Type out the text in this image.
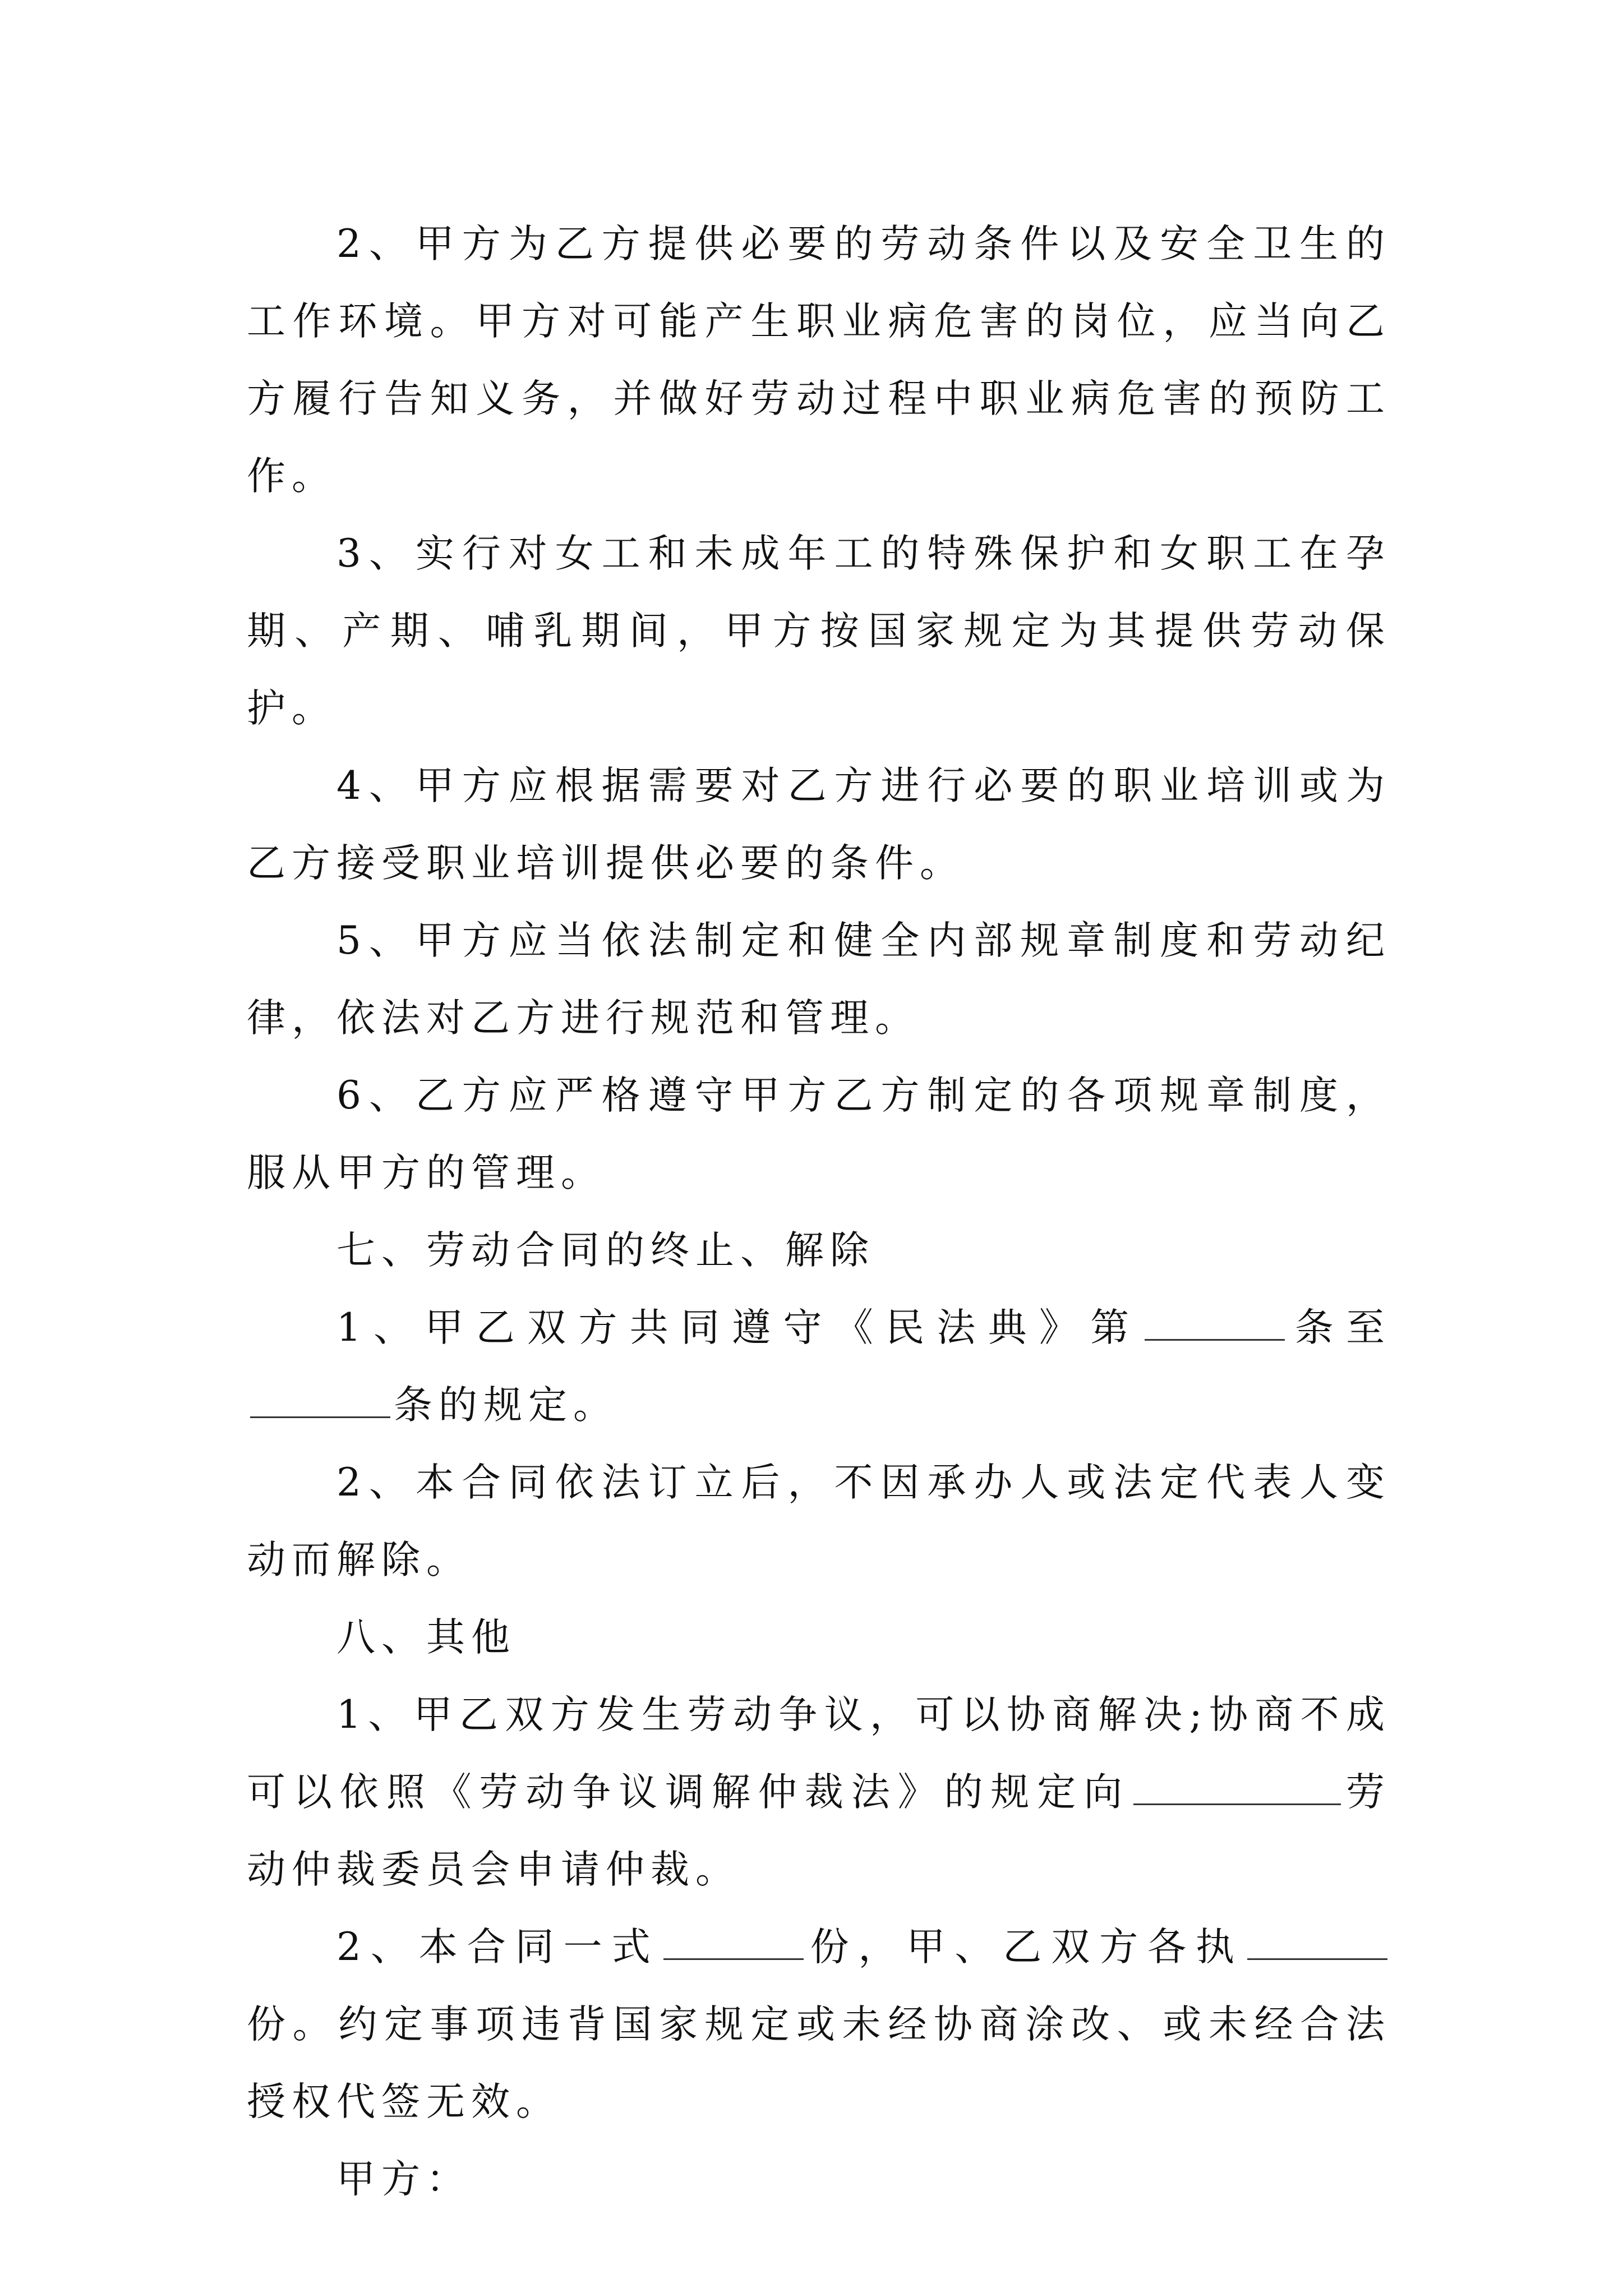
2、甲方为乙方提供必要的劳动条件以及安全卫生的工作环境。甲方对可能产生职业病危害的岗位，应当向乙方履行告知义务，并做好劳动过程中职业病危害的预防工作。

3、实行对女工和未成年工的特殊保护和女职工在孕期、产期、哺乳期间，甲方按国家规定为其提供劳动保护。

4、甲方应根据需要对乙方进行必要的职业培训或为乙方接受职业培训提供必要的条件。

5、甲方应当依法制定和健全内部规章制度和劳动纪律，依法对乙方进行规范和管理。

6、乙方应严格遵守甲方乙方制定的各项规章制度，服从甲方的管理。

七、劳动合同的终止、解除

1、甲乙双方共同遵守《民法典》第	条至条的规定。

2、本合同依法订立后，不因承办人或法定代表人变动而解除。

八、其他

1、甲乙双方发生劳动争议，可以协商解决;协商不成可以依照《劳动争议调解仲裁法》的规定向	劳动仲裁委员会申请仲裁。

2、本合同一式	份，甲、乙双方各执份。约定事项违背国家规定或未经协商涂改、或未经合法授权代签无效。

甲方：
